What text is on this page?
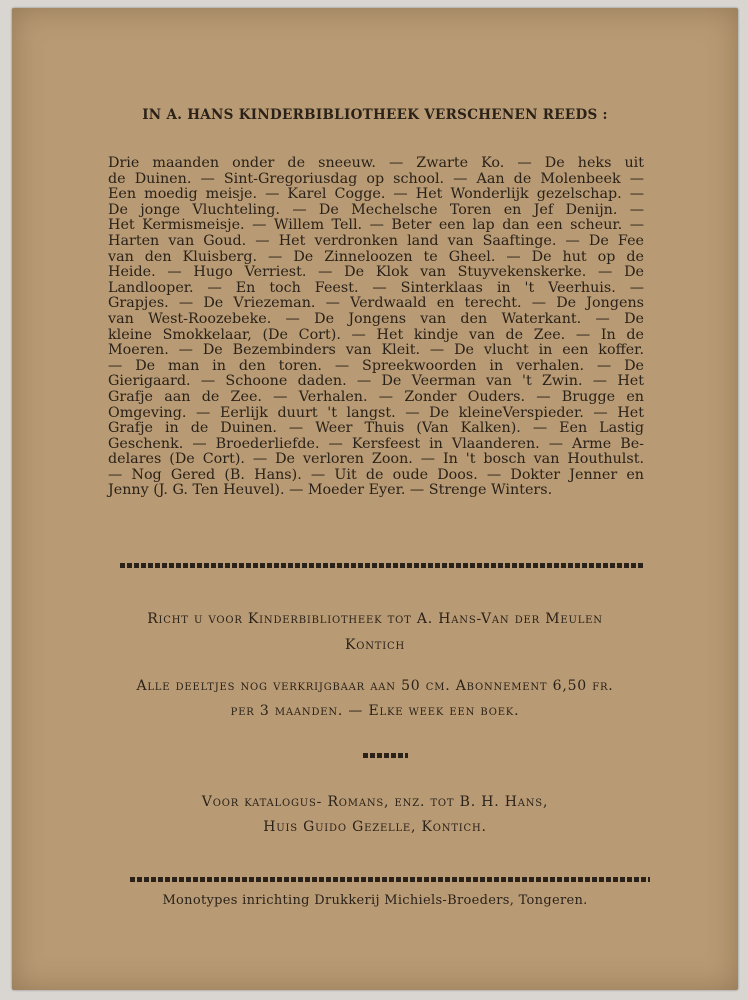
IN A. HANS KINDERBIBLIOTHEEK VERSCHENEN REEDS :
Drie maanden onder de sneeuw. — Zwarte Ko. — De heks uit
de Duinen. — Sint-Gregoriusdag op school. — Aan de Molenbeek —
Een moedig meisje. — Karel Cogge. — Het Wonderlijk gezelschap. —
De jonge Vluchteling. — De Mechelsche Toren en Jef Denijn. —
Het Kermismeisje. — Willem Tell. — Beter een lap dan een scheur. —
Harten van Goud. — Het verdronken land van Saaftinge. — De Fee
van den Kluisberg. — De Zinneloozen te Gheel. — De hut op de
Heide. — Hugo Verriest. — De Klok van Stuyvekenskerke. — De
Landlooper. — En toch Feest. — Sinterklaas in 't Veerhuis. —
Grapjes. — De Vriezeman. — Verdwaald en terecht. — De Jongens
van West-Roozebeke. — De Jongens van den Waterkant. — De
kleine Smokkelaar, (De Cort). — Het kindje van de Zee. — In de
Moeren. — De Bezembinders van Kleit. — De vlucht in een koffer.
— De man in den toren. — Spreekwoorden in verhalen. — De
Gierigaard. — Schoone daden. — De Veerman van 't Zwin. — Het
Grafje aan de Zee. — Verhalen. — Zonder Ouders. — Brugge en
Omgeving. — Eerlijk duurt 't langst. — De kleineVerspieder. — Het
Grafje in de Duinen. — Weer Thuis (Van Kalken). — Een Lastig
Geschenk. — Broederliefde. — Kersfeest in Vlaanderen. — Arme Be-
delares (De Cort). — De verloren Zoon. — In 't bosch van Houthulst.
— Nog Gered (B. Hans). — Uit de oude Doos. — Dokter Jenner en
Jenny (J. G. Ten Heuvel). — Moeder Eyer. — Strenge Winters.
Richt u voor Kinderbibliotheek tot A. Hans-Van der Meulen
Kontich
Alle deeltjes nog verkrijgbaar aan 50 cm. Abonnement 6,50 fr.
per 3 maanden. — Elke week een boek.
Voor katalogus- Romans, enz. tot B. H. Hans,
Huis Guido Gezelle, Kontich.
Monotypes inrichting Drukkerij Michiels-Broeders, Tongeren.
